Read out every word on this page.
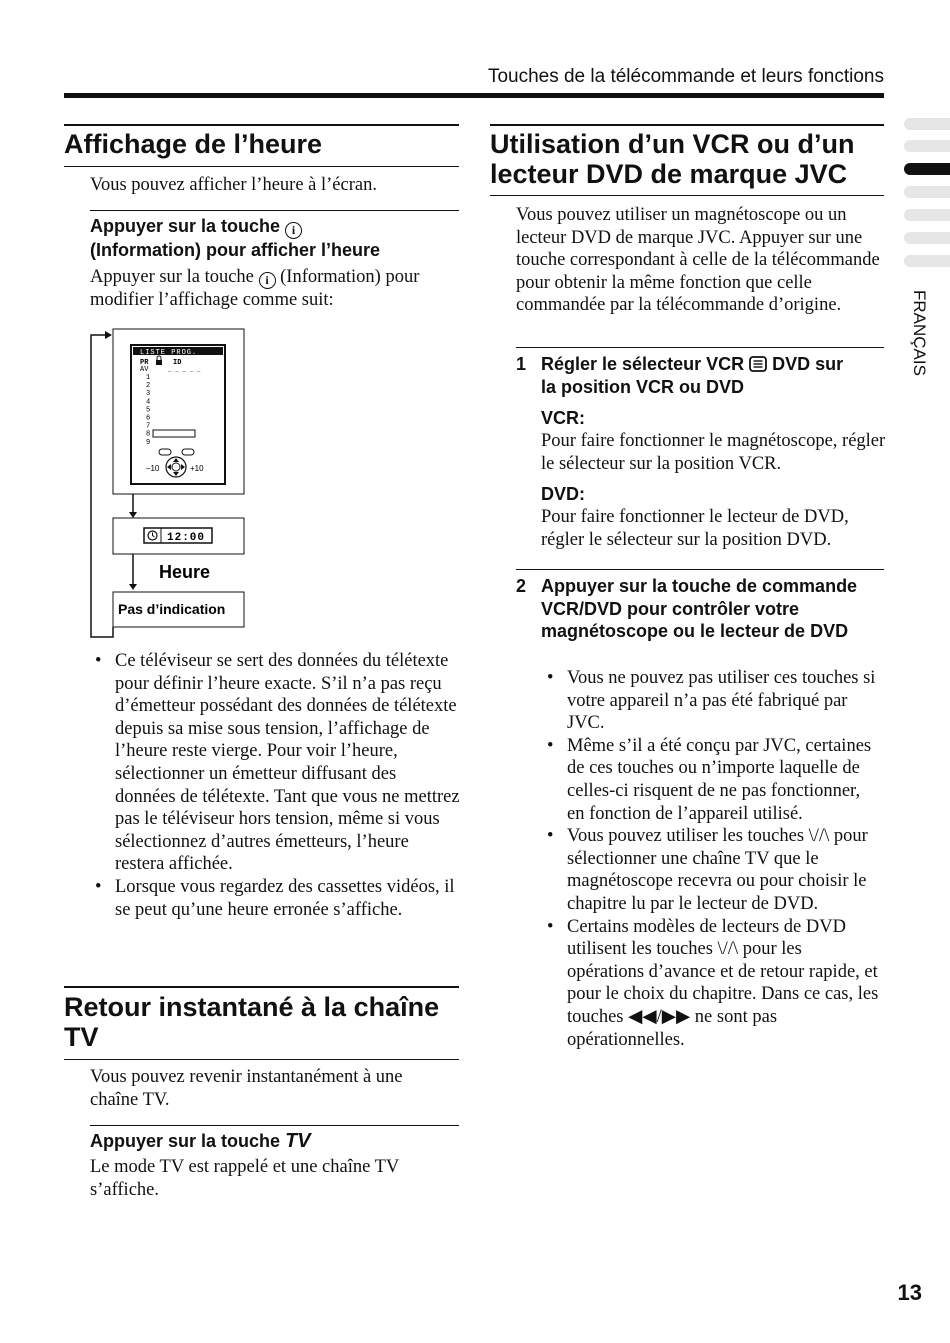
Touches de la télécommande et leurs fonctions
FRANÇAIS
Affichage de l’heure
Vous pouvez afficher l’heure à l’écran.
Appuyer sur la touche i
(Information) pour afficher l’heure
Appuyer sur la touche i (Information) pour
modifier l’affichage comme suit:
LISTE PROG.
PR	ID
AV	_ _ _ _ _
1
2
3
4
5
6
7
8
9
–10	+10
12:00
Heure
Pas d’indication
• Ce téléviseur se sert des données du télétexte pour définir l’heure exacte. S’il n’a pas reçu d’émetteur possédant des données de télétexte depuis sa mise sous tension, l’affichage de l’heure reste vierge. Pour voir l’heure, sélectionner un émetteur diffusant des données de télétexte. Tant que vous ne mettrez pas le téléviseur hors tension, même si vous sélectionnez d’autres émetteurs, l’heure restera affichée.
• Lorsque vous regardez des cassettes vidéos, il se peut qu’une heure erronée s’affiche.
Retour instantané à la chaîne
TV
Vous pouvez revenir instantanément à une chaîne TV.
Appuyer sur la touche TV
Le mode TV est rappelé et une chaîne TV s’affiche.
Utilisation d’un VCR ou d’un
lecteur DVD de marque JVC
Vous pouvez utiliser un magnétoscope ou un lecteur DVD de marque JVC. Appuyer sur une touche correspondant à celle de la télécommande pour obtenir la même fonction que celle commandée par la télécommande d’origine.
1 Régler le sélecteur VCR DVD sur
la position VCR ou DVD
VCR:
Pour faire fonctionner le magnétoscope, régler le sélecteur sur la position VCR.
DVD:
Pour faire fonctionner le lecteur de DVD, régler le sélecteur sur la position DVD.
2 Appuyer sur la touche de commande VCR/DVD pour contrôler votre magnétoscope ou le lecteur de DVD
• Vous ne pouvez pas utiliser ces touches si votre appareil n’a pas été fabriqué par JVC.
• Même s’il a été conçu par JVC, certaines de ces touches ou n’importe laquelle de celles-ci risquent de ne pas fonctionner, en fonction de l’appareil utilisé.
• Vous pouvez utiliser les touches \//\ pour sélectionner une chaîne TV que le magnétoscope recevra ou pour choisir le chapitre lu par le lecteur de DVD.
• Certains modèles de lecteurs de DVD utilisent les touches \//\ pour les opérations d’avance et de retour rapide, et pour le choix du chapitre. Dans ce cas, les touches ◀◀/▶▶ ne sont pas opérationnelles.
13
